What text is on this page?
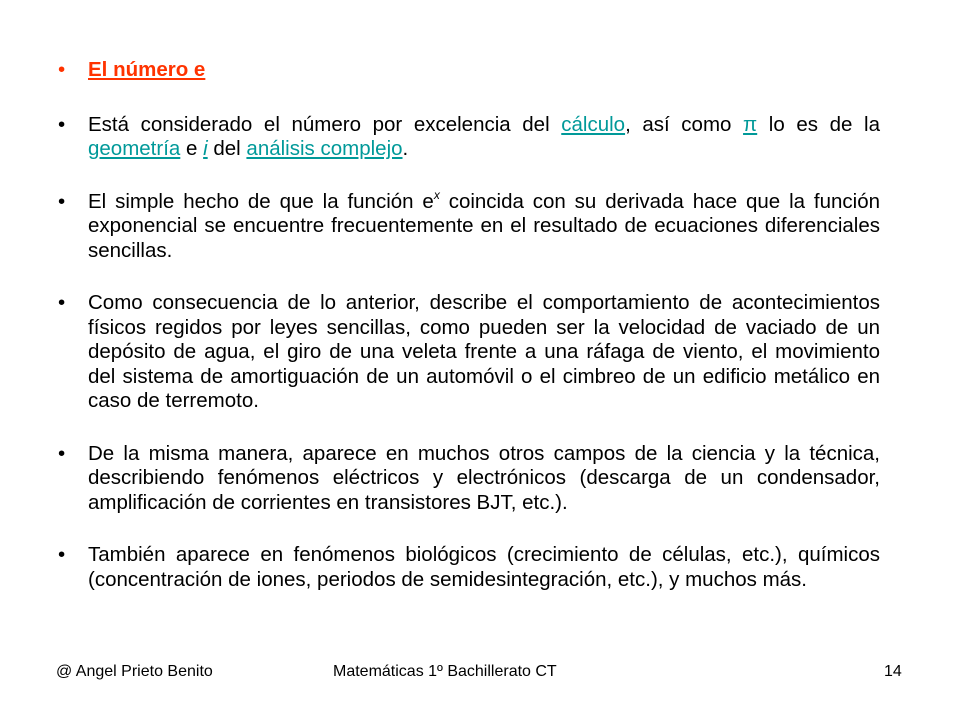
•	El número e
•	Está considerado el número por excelencia del cálculo, así como π lo es de la geometría e i del análisis complejo.
•	El simple hecho de que la función $e^x$ coincida con su derivada hace que la función exponencial se encuentre frecuentemente en el resultado de ecuaciones diferenciales sencillas.
•	Como consecuencia de lo anterior, describe el comportamiento de acontecimientos físicos regidos por leyes sencillas, como pueden ser la velocidad de vaciado de un depósito de agua, el giro de una veleta frente a una ráfaga de viento, el movimiento del sistema de amortiguación de un automóvil o el cimbreo de un edificio metálico en caso de terremoto.
•	De la misma manera, aparece en muchos otros campos de la ciencia y la técnica, describiendo fenómenos eléctricos y electrónicos (descarga de un condensador, amplificación de corrientes en transistores BJT, etc.).
•	También aparece en fenómenos biológicos (crecimiento de células, etc.), químicos (concentración de iones, periodos de semidesintegración, etc.), y muchos más.
@ Angel Prieto Benito	Matemáticas 1º Bachillerato CT	14
